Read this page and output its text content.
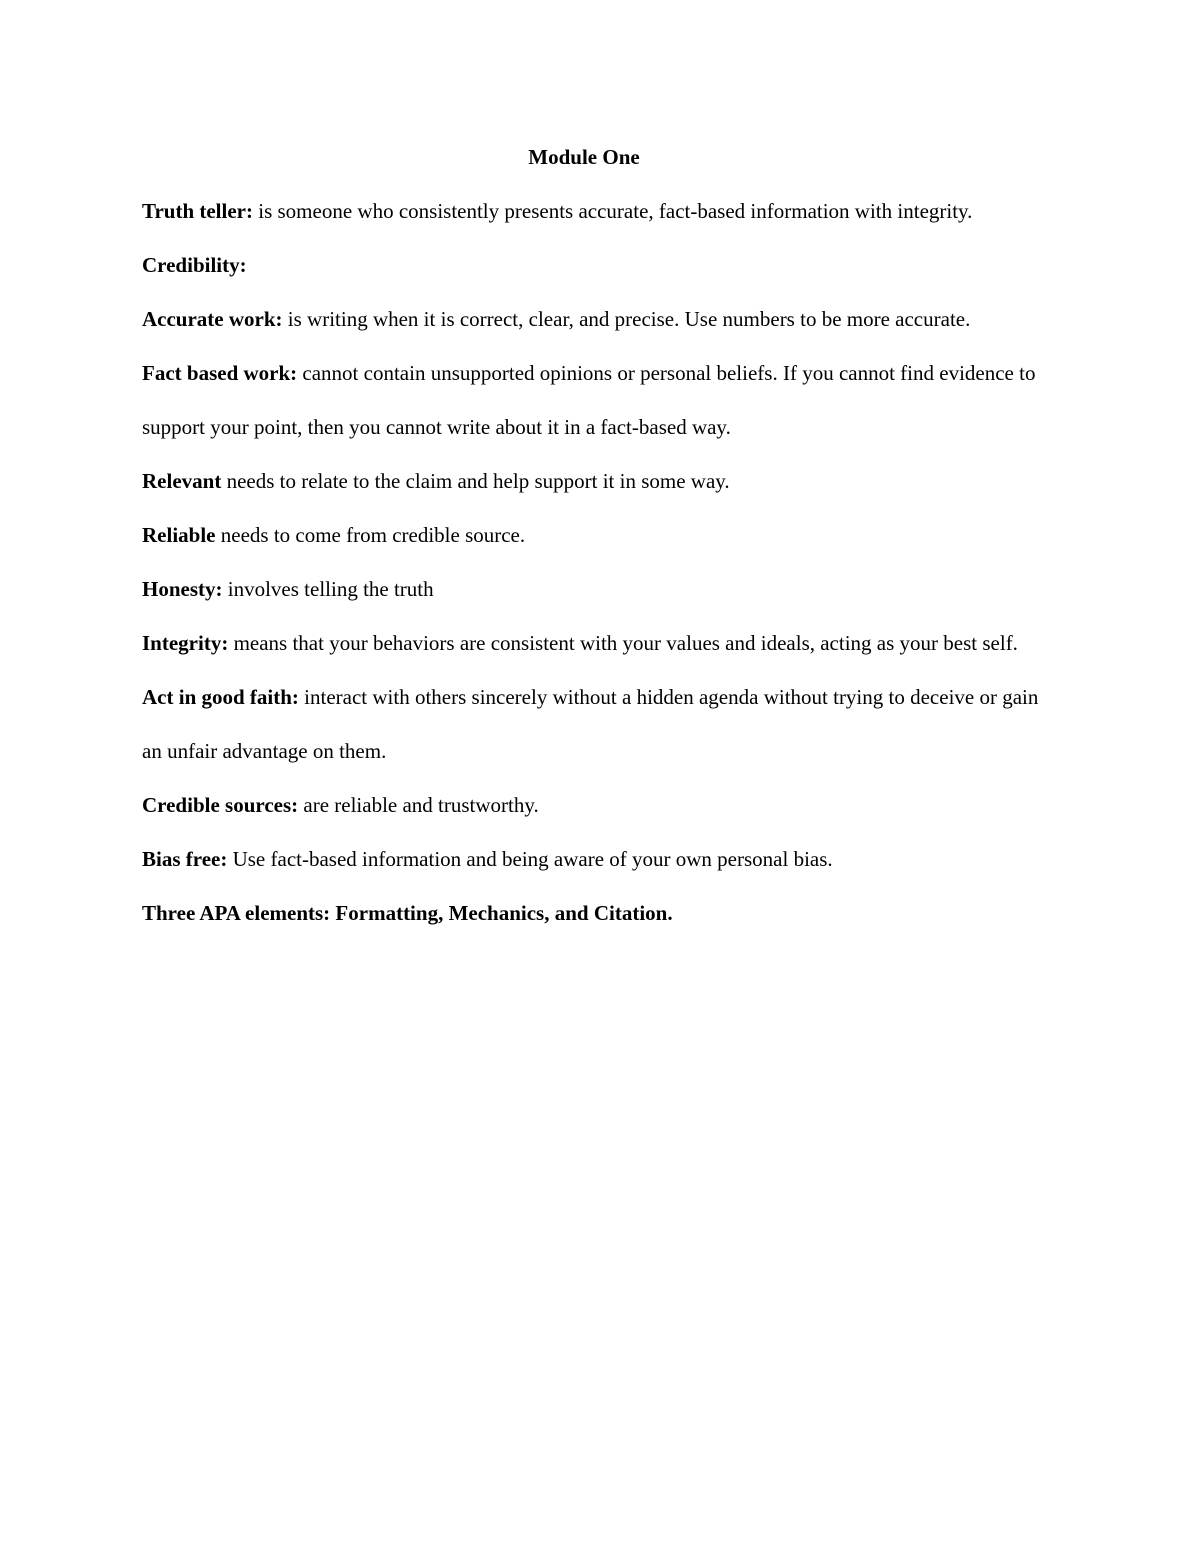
Module One

Truth teller: is someone who consistently presents accurate, fact-based information with integrity.

Credibility:

Accurate work: is writing when it is correct, clear, and precise. Use numbers to be more accurate.

Fact based work: cannot contain unsupported opinions or personal beliefs. If you cannot find evidence to support your point, then you cannot write about it in a fact-based way.

Relevant needs to relate to the claim and help support it in some way.

Reliable needs to come from credible source.

Honesty: involves telling the truth

Integrity: means that your behaviors are consistent with your values and ideals, acting as your best self.

Act in good faith: interact with others sincerely without a hidden agenda without trying to deceive or gain an unfair advantage on them.

Credible sources: are reliable and trustworthy.

Bias free: Use fact-based information and being aware of your own personal bias.

Three APA elements: Formatting, Mechanics, and Citation.
